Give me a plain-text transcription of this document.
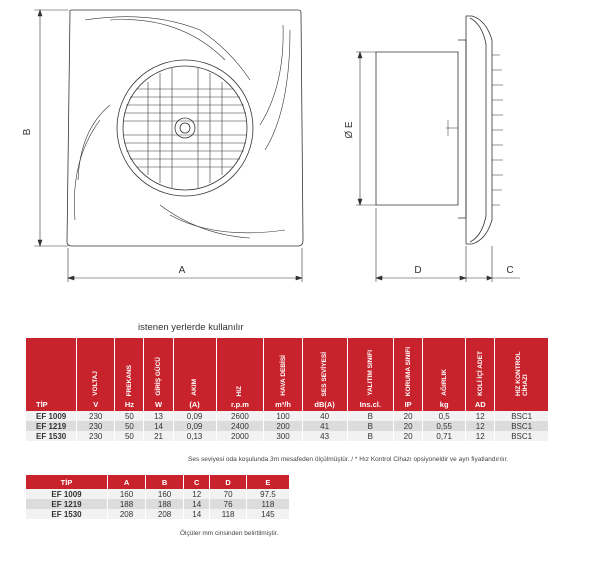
A
B
D	C
Ø E
istenen yerlerde kullanılır

	VOLTAJ	FREKANS	GİRİŞ GÜCÜ	AKIM	HIZ	HAVA DEBİSİ	SES SEVİYESİ	YALITIM SINIFI	KORUMA SINIFI	AĞIRLIK	KOLİ İÇİ ADET	HIZ KONTROL CİHAZI

TİP	V	Hz	W	(A)	r.p.m	m³/h	dB(A)	Ins.cl.	IP	kg	AD	
EF 1009	230	50	13	0,09	2600	100	40	B	20	0,5	12	BSC1
EF 1219	230	50	14	0,09	2400	200	41	B	20	0,55	12	BSC1
EF 1530	230	50	21	0,13	2000	300	43	B	20	0,71	12	BSC1
Ses seviyesi oda koşulunda 3m mesafeden ölçülmüştür. / * Hız Kontrol Cihazı opsiyoneldir ve ayrı fiyatlandırılır.
TİP	A	B	C	D	E
EF 1009	160	160	12	70	97.5
EF 1219	188	188	14	76	118
EF 1530	208	208	14	118	145
Ölçüler mm cinsinden belirtilmiştir.
